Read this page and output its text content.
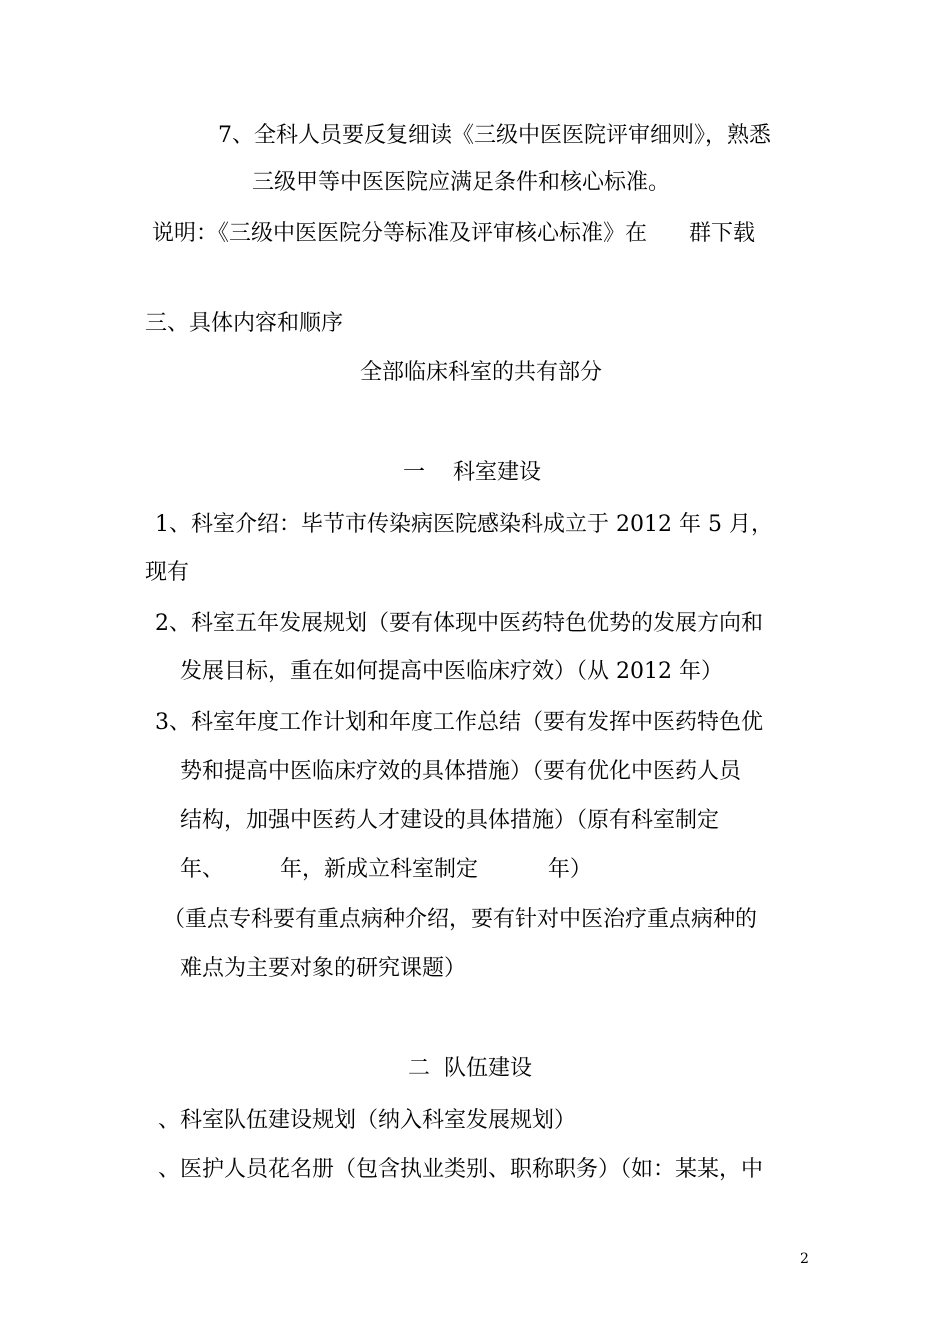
7、全科人员要反复细读《三级中医医院评审细则》，熟悉

三级甲等中医医院应满足条件和核心标准。

说明：《三级中医医院分等标准及评审核心标准》在      群下载

三、具体内容和顺序

全部临床科室的共有部分

一    科室建设

1、科室介绍：毕节市传染病医院感染科成立于 2012 年 5 月，

现有

2、科室五年发展规划（要有体现中医药特色优势的发展方向和

发展目标，重在如何提高中医临床疗效）（从 2012 年）

3、科室年度工作计划和年度工作总结（要有发挥中医药特色优

势和提高中医临床疗效的具体措施）（要有优化中医药人员

结构，加强中医药人才建设的具体措施）（原有科室制定

年、        年，新成立科室制定          年）

（重点专科要有重点病种介绍，要有针对中医治疗重点病种的

难点为主要对象的研究课题）

二  队伍建设

、科室队伍建设规划（纳入科室发展规划）

、医护人员花名册（包含执业类别、职称职务）（如：某某，中

2
